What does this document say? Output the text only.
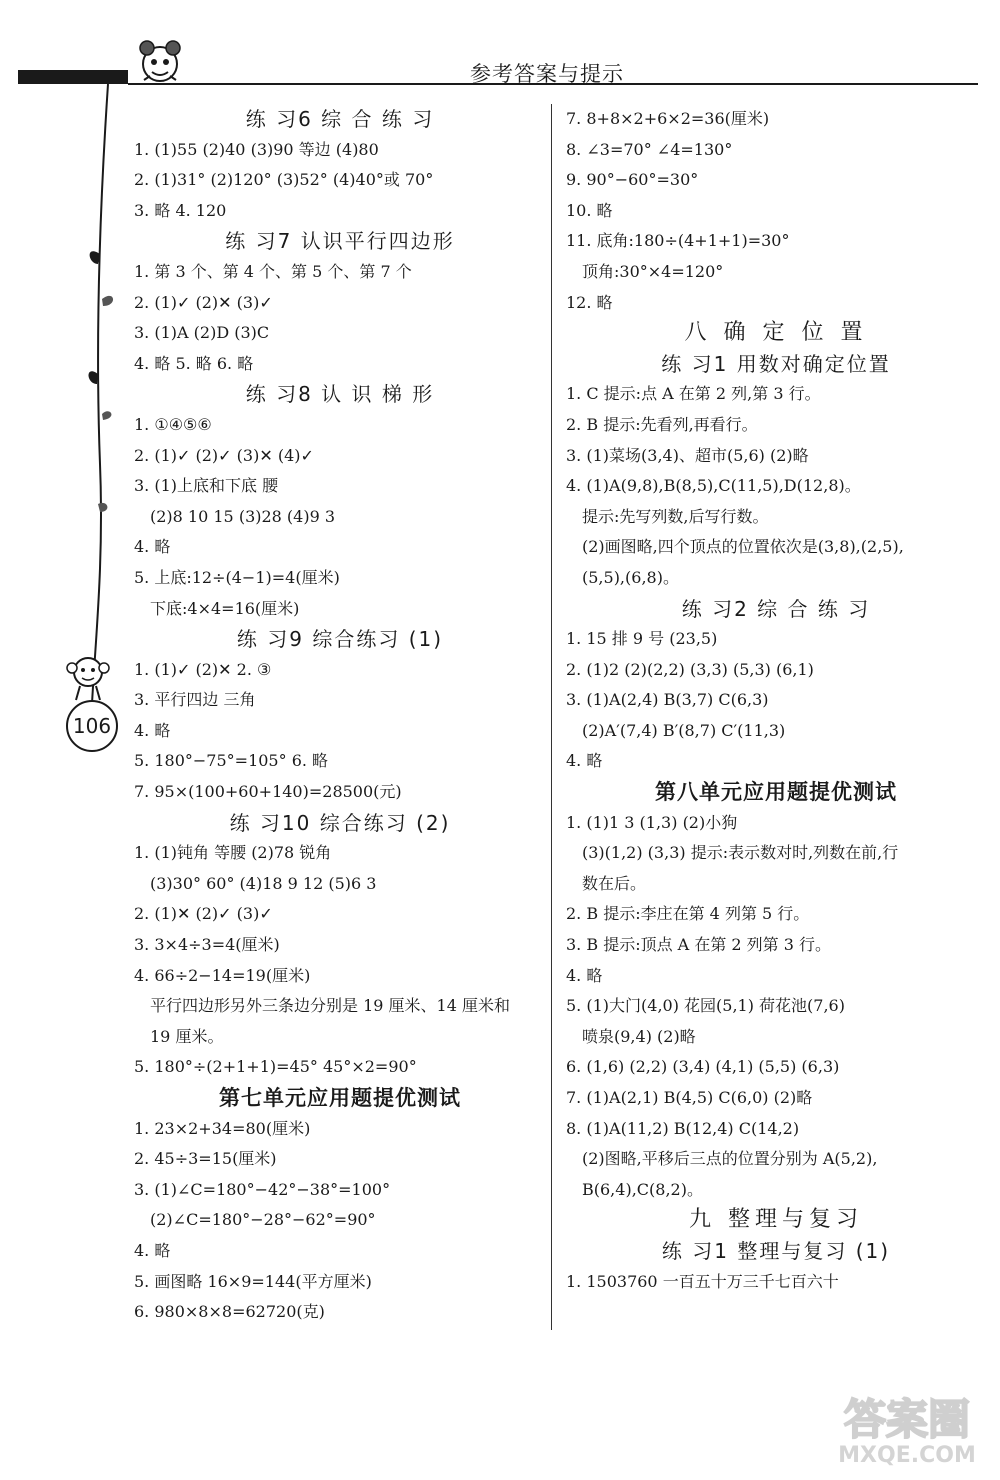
参考答案与提示
106
练 习6 综 合 练 习
1. (1)55 (2)40 (3)90 等边 (4)80
2. (1)31° (2)120° (3)52° (4)40°或 70°
3. 略 4. 120
练 习7 认识平行四边形
1. 第 3 个、第 4 个、第 5 个、第 7 个
2. (1)✓ (2)✕ (3)✓
3. (1)A (2)D (3)C
4. 略 5. 略 6. 略
练 习8 认 识 梯 形
1. ①④⑤⑥
2. (1)✓ (2)✓ (3)✕ (4)✓
3. (1)上底和下底 腰
(2)8 10 15 (3)28 (4)9 3
4. 略
5. 上底:12÷(4−1)=4(厘米)
下底:4×4=16(厘米)
练 习9 综合练习 (1)
1. (1)✓ (2)✕ 2. ③
3. 平行四边 三角
4. 略
5. 180°−75°=105° 6. 略
7. 95×(100+60+140)=28500(元)
练 习10 综合练习 (2)
1. (1)钝角 等腰 (2)78 锐角
(3)30° 60° (4)18 9 12 (5)6 3
2. (1)✕ (2)✓ (3)✓
3. 3×4÷3=4(厘米)
4. 66÷2−14=19(厘米)
平行四边形另外三条边分别是 19 厘米、14 厘米和
19 厘米。
5. 180°÷(2+1+1)=45° 45°×2=90°
第七单元应用题提优测试
1. 23×2+34=80(厘米)
2. 45÷3=15(厘米)
3. (1)∠C=180°−42°−38°=100°
(2)∠C=180°−28°−62°=90°
4. 略
5. 画图略 16×9=144(平方厘米)
6. 980×8×8=62720(克)
7. 8+8×2+6×2=36(厘米)
8. ∠3=70° ∠4=130°
9. 90°−60°=30°
10. 略
11. 底角:180÷(4+1+1)=30°
顶角:30°×4=120°
12. 略
八 确 定 位 置
练 习1 用数对确定位置
1. C 提示:点 A 在第 2 列,第 3 行。
2. B 提示:先看列,再看行。
3. (1)菜场(3,4)、超市(5,6) (2)略
4. (1)A(9,8),B(8,5),C(11,5),D(12,8)。
提示:先写列数,后写行数。
(2)画图略,四个顶点的位置依次是(3,8),(2,5),
(5,5),(6,8)。
练 习2 综 合 练 习
1. 15 排 9 号 (23,5)
2. (1)2 (2)(2,2) (3,3) (5,3) (6,1)
3. (1)A(2,4) B(3,7) C(6,3)
(2)A′(7,4) B′(8,7) C′(11,3)
4. 略
第八单元应用题提优测试
1. (1)1 3 (1,3) (2)小狗
(3)(1,2) (3,3) 提示:表示数对时,列数在前,行
数在后。
2. B 提示:李庄在第 4 列第 5 行。
3. B 提示:顶点 A 在第 2 列第 3 行。
4. 略
5. (1)大门(4,0) 花园(5,1) 荷花池(7,6)
喷泉(9,4) (2)略
6. (1,6) (2,2) (3,4) (4,1) (5,5) (6,3)
7. (1)A(2,1) B(4,5) C(6,0) (2)略
8. (1)A(11,2) B(12,4) C(14,2)
(2)图略,平移后三点的位置分别为 A(5,2),
B(6,4),C(8,2)。
九 整理与复习
练 习1 整理与复习 (1)
1. 1503760 一百五十万三千七百六十
答案圈
MXQE.COM
